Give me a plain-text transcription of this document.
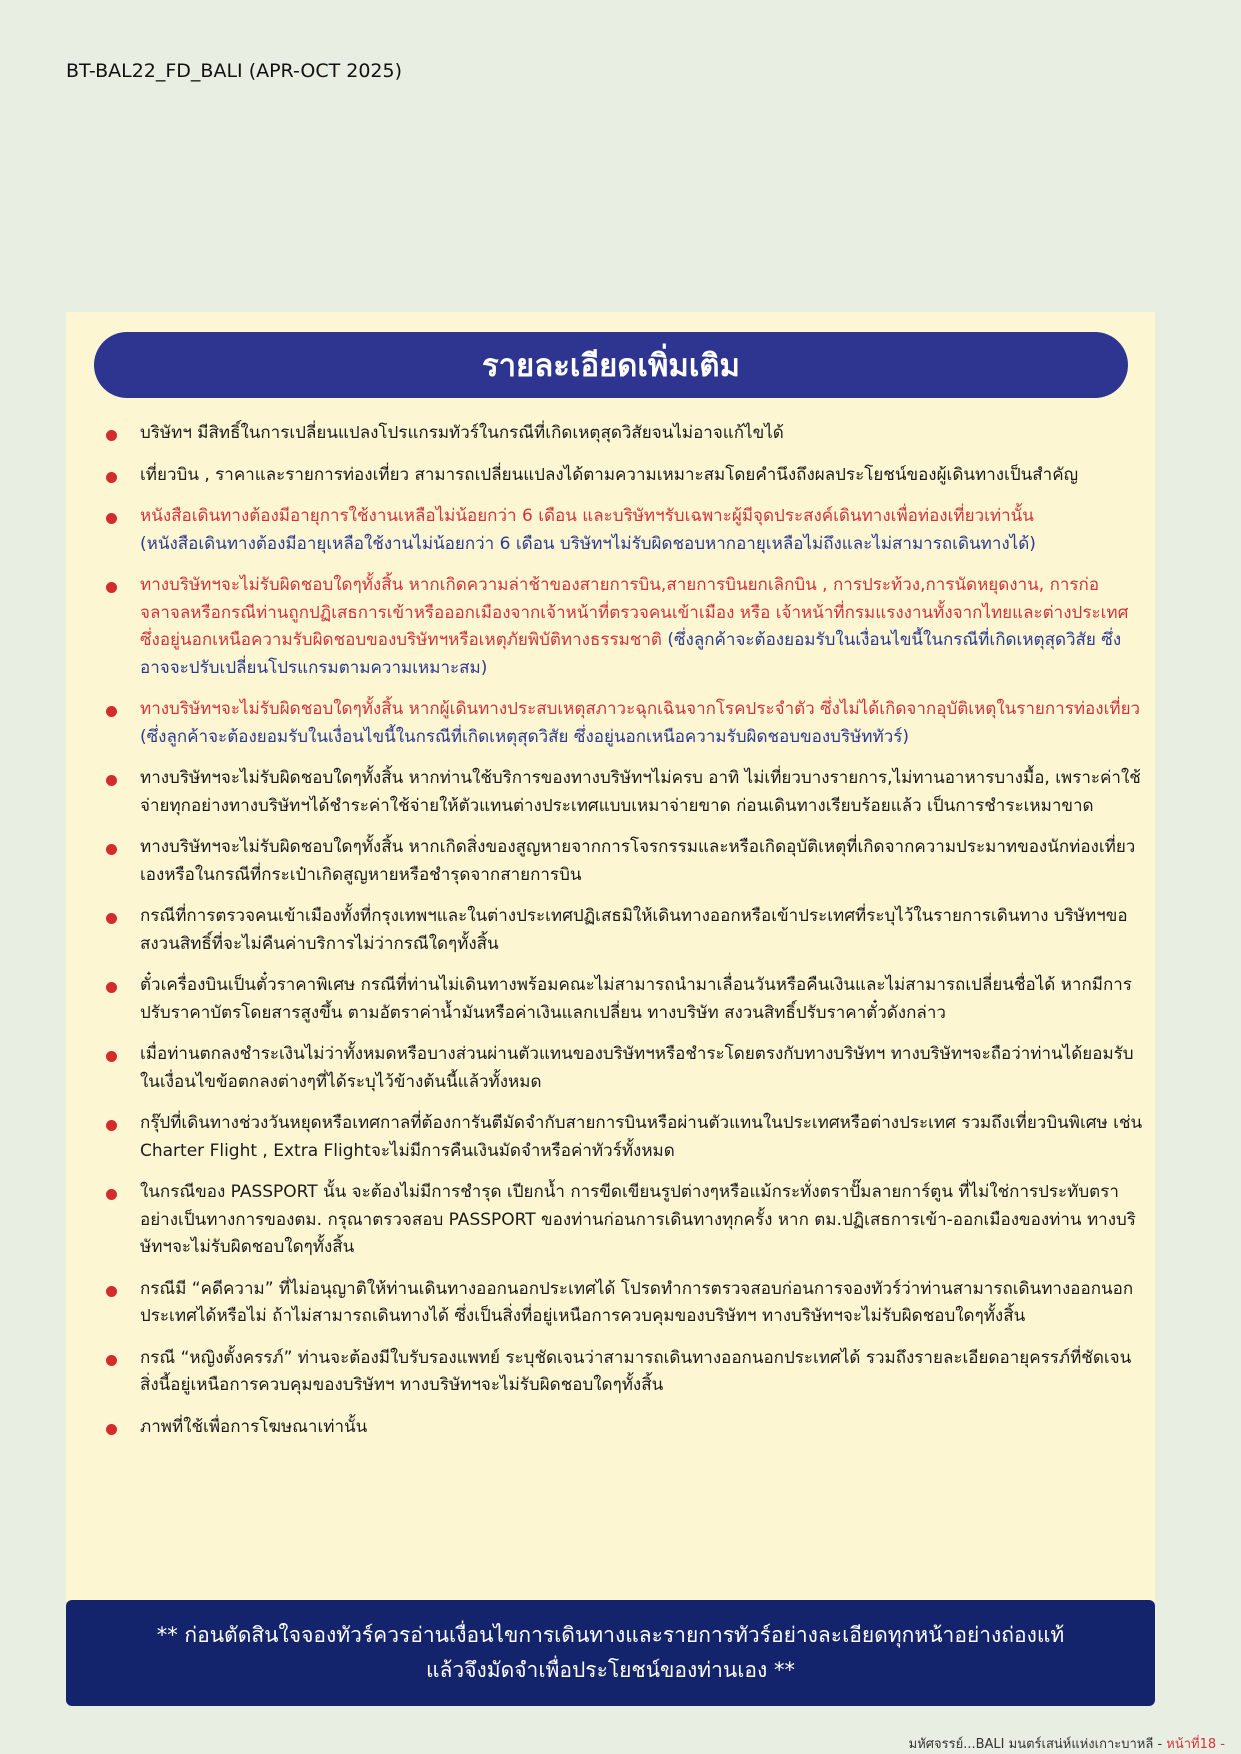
BT-BAL22_FD_BALI (APR-OCT 2025)
รายละเอียดเพิ่มเติม
บริษัทฯ มีสิทธิ์ในการเปลี่ยนแปลงโปรแกรมทัวร์ในกรณีที่เกิดเหตุสุดวิสัยจนไม่อาจแก้ไขได้
เที่ยวบิน , ราคาและรายการท่องเที่ยว สามารถเปลี่ยนแปลงได้ตามความเหมาะสมโดยคำนึงถึงผลประโยชน์ของผู้เดินทางเป็นสำคัญ
หนังสือเดินทางต้องมีอายุการใช้งานเหลือไม่น้อยกว่า 6 เดือน และบริษัทฯรับเฉพาะผู้มีจุดประสงค์เดินทางเพื่อท่องเที่ยวเท่านั้น
(หนังสือเดินทางต้องมีอายุเหลือใช้งานไม่น้อยกว่า 6 เดือน บริษัทฯไม่รับผิดชอบหากอายุเหลือไม่ถึงและไม่สามารถเดินทางได้)
ทางบริษัทฯจะไม่รับผิดชอบใดๆทั้งสิ้น หากเกิดความล่าช้าของสายการบิน,สายการบินยกเลิกบิน , การประท้วง,การนัดหยุดงาน, การก่อจลาจลหรือกรณีท่านถูกปฏิเสธการเข้าหรือออกเมืองจากเจ้าหน้าที่ตรวจคนเข้าเมือง หรือ เจ้าหน้าที่กรมแรงงานทั้งจากไทยและต่างประเทศซึ่งอยู่นอกเหนือความรับผิดชอบของบริษัทฯหรือเหตุภัยพิบัติทางธรรมชาติ (ซึ่งลูกค้าจะต้องยอมรับในเงื่อนไขนี้ในกรณีที่เกิดเหตุสุดวิสัย ซึ่งอาจจะปรับเปลี่ยนโปรแกรมตามความเหมาะสม)
ทางบริษัทฯจะไม่รับผิดชอบใดๆทั้งสิ้น หากผู้เดินทางประสบเหตุสภาวะฉุกเฉินจากโรคประจำตัว ซึ่งไม่ได้เกิดจากอุบัติเหตุในรายการท่องเที่ยว (ซึ่งลูกค้าจะต้องยอมรับในเงื่อนไขนี้ในกรณีที่เกิดเหตุสุดวิสัย ซึ่งอยู่นอกเหนือความรับผิดชอบของบริษัททัวร์)
ทางบริษัทฯจะไม่รับผิดชอบใดๆทั้งสิ้น หากท่านใช้บริการของทางบริษัทฯไม่ครบ อาทิ ไม่เที่ยวบางรายการ,ไม่ทานอาหารบางมื้อ, เพราะค่าใช้จ่ายทุกอย่างทางบริษัทฯได้ชำระค่าใช้จ่ายให้ตัวแทนต่างประเทศแบบเหมาจ่ายขาด ก่อนเดินทางเรียบร้อยแล้ว เป็นการชำระเหมาขาด
ทางบริษัทฯจะไม่รับผิดชอบใดๆทั้งสิ้น หากเกิดสิ่งของสูญหายจากการโจรกรรมและหรือเกิดอุบัติเหตุที่เกิดจากความประมาทของนักท่องเที่ยวเองหรือในกรณีที่กระเป๋าเกิดสูญหายหรือชำรุดจากสายการบิน
กรณีที่การตรวจคนเข้าเมืองทั้งที่กรุงเทพฯและในต่างประเทศปฏิเสธมิให้เดินทางออกหรือเข้าประเทศที่ระบุไว้ในรายการเดินทาง บริษัทฯขอสงวนสิทธิ์ที่จะไม่คืนค่าบริการไม่ว่ากรณีใดๆทั้งสิ้น
ตั๋วเครื่องบินเป็นตั๋วราคาพิเศษ กรณีที่ท่านไม่เดินทางพร้อมคณะไม่สามารถนำมาเลื่อนวันหรือคืนเงินและไม่สามารถเปลี่ยนชื่อได้ หากมีการปรับราคาบัตรโดยสารสูงขึ้น ตามอัตราค่าน้ำมันหรือค่าเงินแลกเปลี่ยน ทางบริษัท สงวนสิทธิ์ปรับราคาตั๋วดังกล่าว
เมื่อท่านตกลงชำระเงินไม่ว่าทั้งหมดหรือบางส่วนผ่านตัวแทนของบริษัทฯหรือชำระโดยตรงกับทางบริษัทฯ ทางบริษัทฯจะถือว่าท่านได้ยอมรับในเงื่อนไขข้อตกลงต่างๆที่ได้ระบุไว้ข้างต้นนี้แล้วทั้งหมด
กรุ๊ปที่เดินทางช่วงวันหยุดหรือเทศกาลที่ต้องการันตีมัดจำกับสายการบินหรือผ่านตัวแทนในประเทศหรือต่างประเทศ รวมถึงเที่ยวบินพิเศษ เช่น Charter Flight , Extra Flightจะไม่มีการคืนเงินมัดจำหรือค่าทัวร์ทั้งหมด
ในกรณีของ PASSPORT นั้น จะต้องไม่มีการชำรุด เปียกน้ำ การขีดเขียนรูปต่างๆหรือแม้กระทั่งตราปั๊มลายการ์ตูน ที่ไม่ใช่การประทับตราอย่างเป็นทางการของตม. กรุณาตรวจสอบ PASSPORT ของท่านก่อนการเดินทางทุกครั้ง หาก ตม.ปฏิเสธการเข้า-ออกเมืองของท่าน ทางบริษัทฯจะไม่รับผิดชอบใดๆทั้งสิ้น
กรณีมี “คดีความ” ที่ไม่อนุญาติให้ท่านเดินทางออกนอกประเทศได้ โปรดทำการตรวจสอบก่อนการจองทัวร์ว่าท่านสามารถเดินทางออกนอกประเทศได้หรือไม่ ถ้าไม่สามารถเดินทางได้ ซึ่งเป็นสิ่งที่อยู่เหนือการควบคุมของบริษัทฯ ทางบริษัทฯจะไม่รับผิดชอบใดๆทั้งสิ้น
กรณี “หญิงตั้งครรภ์” ท่านจะต้องมีใบรับรองแพทย์ ระบุชัดเจนว่าสามารถเดินทางออกนอกประเทศได้ รวมถึงรายละเอียดอายุครรภ์ที่ชัดเจน สิ่งนี้อยู่เหนือการควบคุมของบริษัทฯ ทางบริษัทฯจะไม่รับผิดชอบใดๆทั้งสิ้น
ภาพที่ใช้เพื่อการโฆษณาเท่านั้น
** ก่อนตัดสินใจจองทัวร์ควรอ่านเงื่อนไขการเดินทางและรายการทัวร์อย่างละเอียดทุกหน้าอย่างถ่องแท้
แล้วจึงมัดจำเพื่อประโยชน์ของท่านเอง **
มหัศจรรย์...BALI มนตร์เสน่ห์แห่งเกาะบาหลี - หน้าที่18 -
